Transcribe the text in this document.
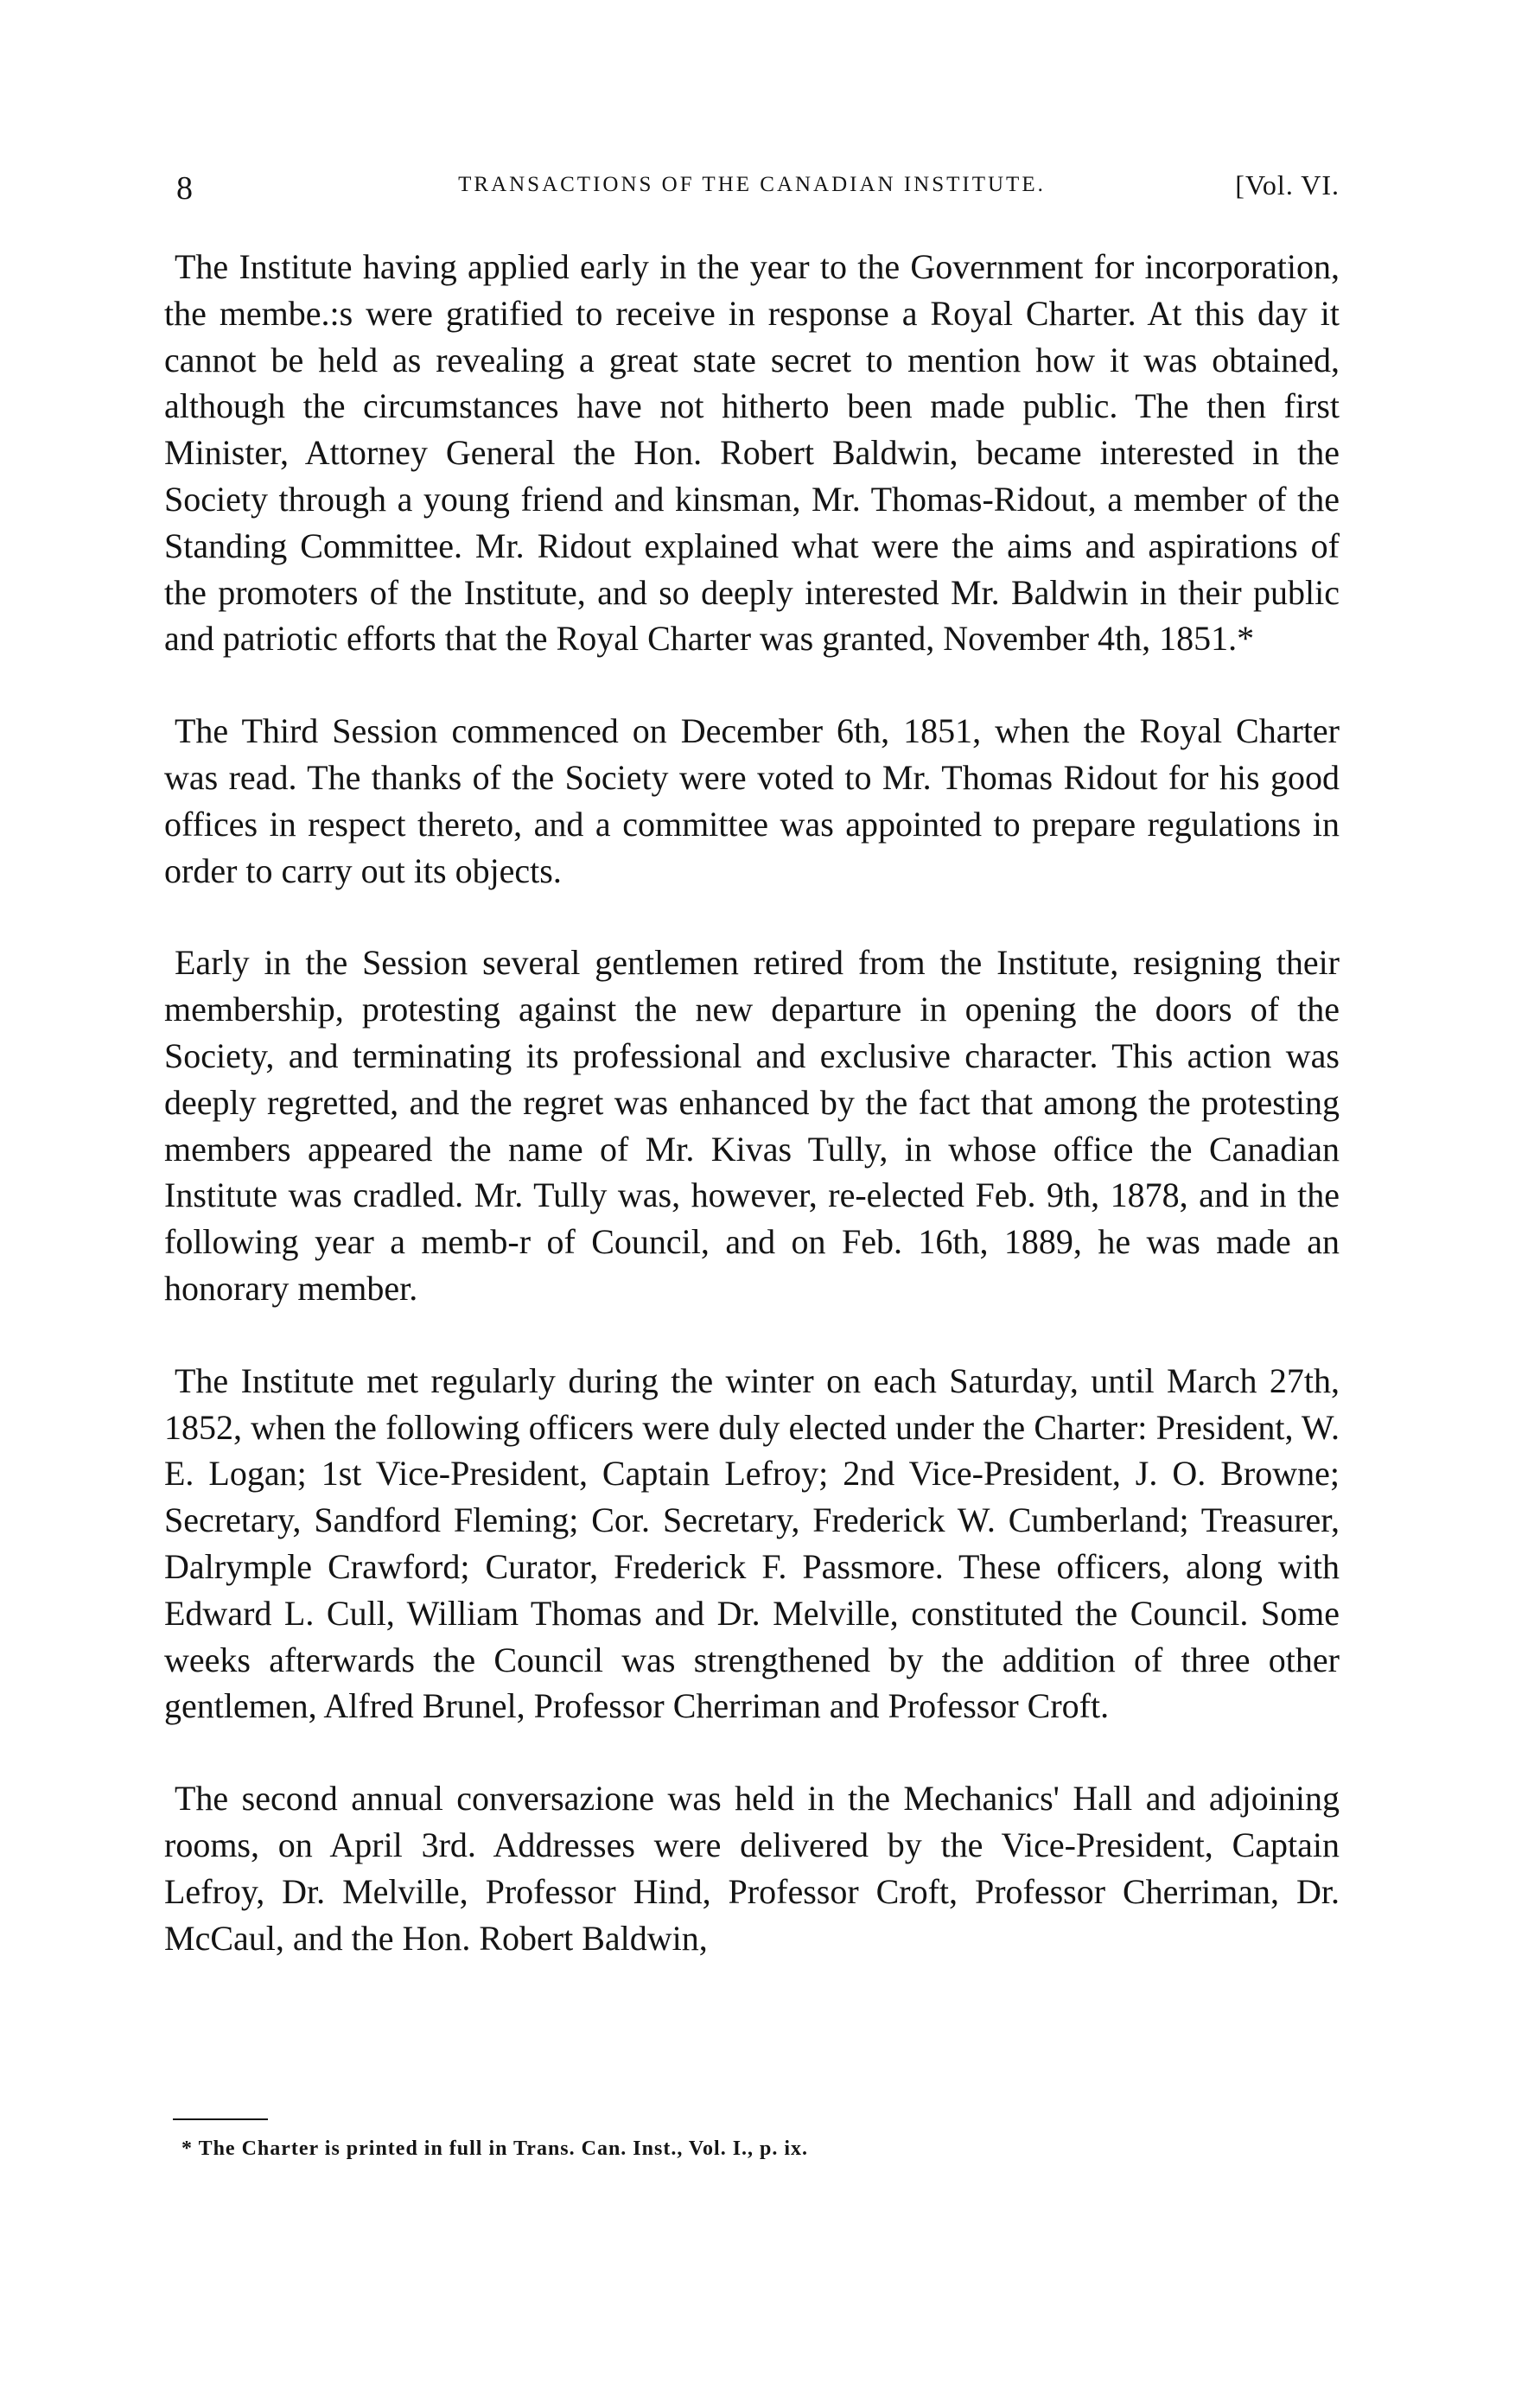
8	TRANSACTIONS OF THE CANADIAN INSTITUTE.	[Vol. VI.

The Institute having applied early in the year to the Government for incorporation, the membe.:s were gratified to receive in response a Royal Charter. At this day it cannot be held as revealing a great state secret to mention how it was obtained, although the circumstances have not hitherto been made public. The then first Minister, Attorney General the Hon. Robert Baldwin, became interested in the Society through a young friend and kinsman, Mr. Thomas-Ridout, a member of the Standing Committee. Mr. Ridout explained what were the aims and aspirations of the promoters of the Institute, and so deeply interested Mr. Baldwin in their public and patriotic efforts that the Royal Charter was granted, November 4th, 1851.*

The Third Session commenced on December 6th, 1851, when the Royal Charter was read. The thanks of the Society were voted to Mr. Thomas Ridout for his good offices in respect thereto, and a committee was appointed to prepare regulations in order to carry out its objects.

Early in the Session several gentlemen retired from the Institute, resigning their membership, protesting against the new departure in opening the doors of the Society, and terminating its professional and exclusive character. This action was deeply regretted, and the regret was enhanced by the fact that among the protesting members appeared the name of Mr. Kivas Tully, in whose office the Canadian Institute was cradled. Mr. Tully was, however, re-elected Feb. 9th, 1878, and in the following year a memb-r of Council, and on Feb. 16th, 1889, he was made an honorary member.

The Institute met regularly during the winter on each Saturday, until March 27th, 1852, when the following officers were duly elected under the Charter: President, W. E. Logan; 1st Vice-President, Captain Lefroy; 2nd Vice-President, J. O. Browne; Secretary, Sandford Fleming; Cor. Secretary, Frederick W. Cumberland; Treasurer, Dalrymple Crawford; Curator, Frederick F. Passmore. These officers, along with Edward L. Cull, William Thomas and Dr. Melville, constituted the Council. Some weeks afterwards the Council was strengthened by the addition of three other gentlemen, Alfred Brunel, Professor Cherriman and Professor Croft.

The second annual conversazione was held in the Mechanics' Hall and adjoining rooms, on April 3rd. Addresses were delivered by the Vice-President, Captain Lefroy, Dr. Melville, Professor Hind, Professor Croft, Professor Cherriman, Dr. McCaul, and the Hon. Robert Baldwin,

* The Charter is printed in full in Trans. Can. Inst., Vol. I., p. ix.
